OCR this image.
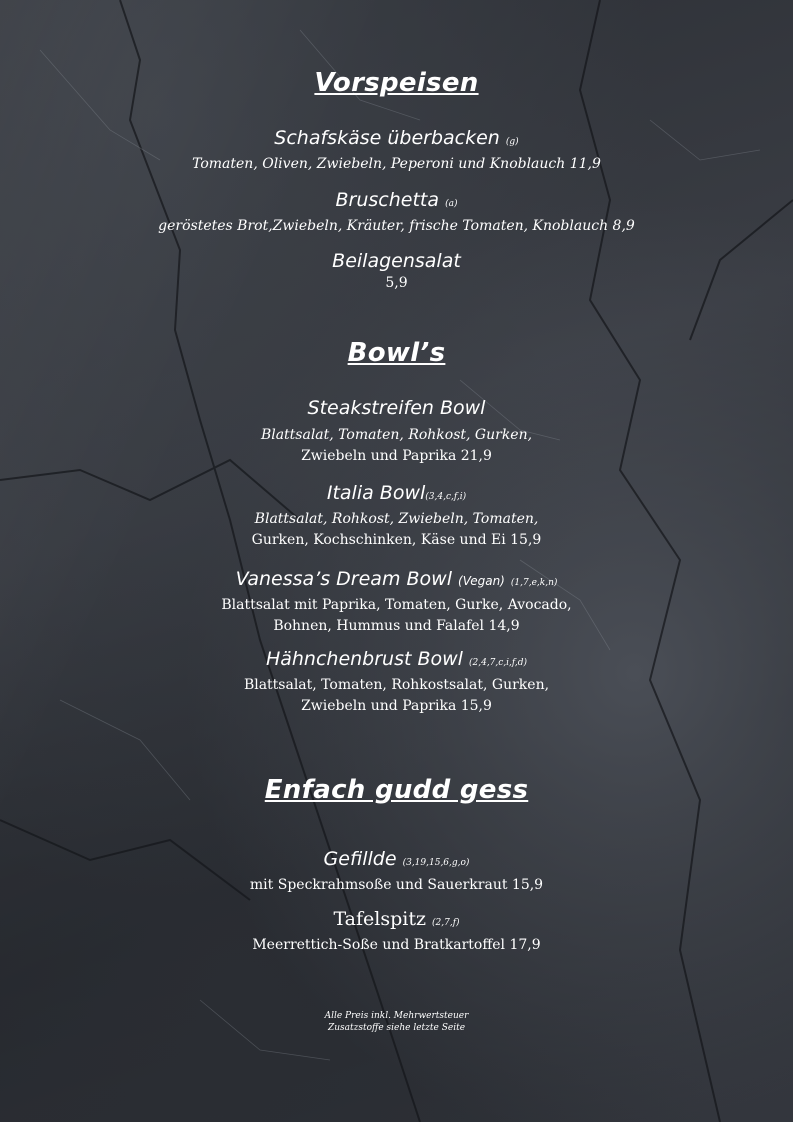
Vorspeisen
Schafskäse überbacken (g)
Tomaten, Oliven, Zwiebeln, Peperoni und Knoblauch 11,9
Bruschetta (a)
geröstetes Brot,Zwiebeln, Kräuter, frische Tomaten, Knoblauch 8,9
Beilagensalat
5,9
Bowl’s
Steakstreifen Bowl
Blattsalat, Tomaten, Rohkost, Gurken,
Zwiebeln und Paprika 21,9
Italia Bowl(3,4,c,f,i)
Blattsalat, Rohkost, Zwiebeln, Tomaten,
Gurken, Kochschinken, Käse und Ei 15,9
Vanessa’s Dream Bowl (Vegan) (1,7,e,k,n)
Blattsalat mit Paprika, Tomaten, Gurke, Avocado,
Bohnen, Hummus und Falafel 14,9
Hähnchenbrust Bowl (2,4,7,c,i,f,d)
Blattsalat, Tomaten, Rohkostsalat, Gurken,
Zwiebeln und Paprika 15,9
Enfach gudd gess
Gefillde (3,19,15,6,g,o)
mit Speckrahmsoße und Sauerkraut 15,9
Tafelspitz (2,7,f)
Meerrettich-Soße und Bratkartoffel 17,9
Alle Preis inkl. Mehrwertsteuer
Zusatzstoffe siehe letzte Seite
